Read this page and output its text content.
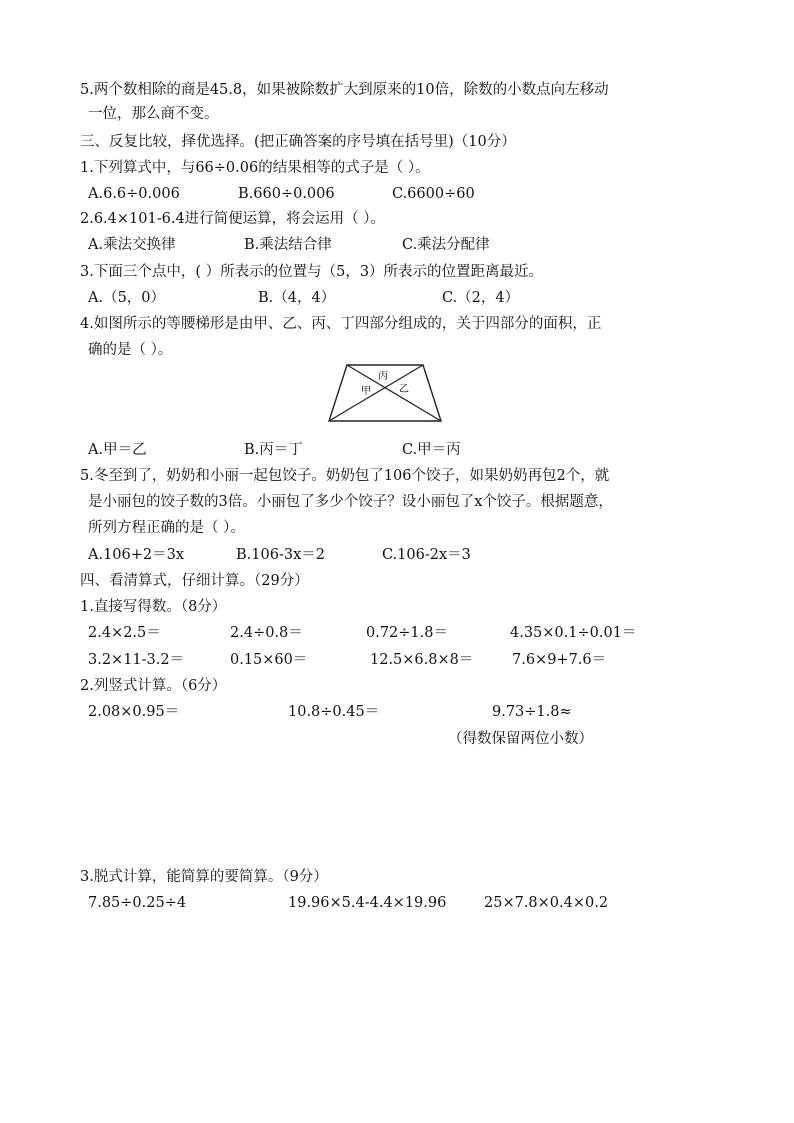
5.两个数相除的商是45.8，如果被除数扩大到原来的10倍，除数的小数点向左移动
一位，那么商不变。
三、反复比较，择优选择。(把正确答案的序号填在括号里)（10分）
1.下列算式中，与66÷0.06的结果相等的式子是（ ）。
A.6.6÷0.006	B.660÷0.006	C.6600÷60
2.6.4×101-6.4进行简便运算，将会运用（ ）。
A.乘法交换律	B.乘法结合律	C.乘法分配律
3.下面三个点中，( ）所表示的位置与（5，3）所表示的位置距离最近。
A.（5，0）	B.（4，4）	C.（2，4）
4.如图所示的等腰梯形是由甲、乙、丙、丁四部分组成的，关于四部分的面积，正
确的是（ ）。
丙
甲	乙
A.甲＝乙	B.丙＝丁	C.甲＝丙
5.冬至到了，奶奶和小丽一起包饺子。奶奶包了106个饺子，如果奶奶再包2个，就
是小丽包的饺子数的3倍。小丽包了多少个饺子？设小丽包了x个饺子。根据题意，
所列方程正确的是（ ）。
A.106+2＝3x	B.106-3x＝2	C.106-2x＝3
四、看清算式，仔细计算。（29分）
1.直接写得数。（8分）
2.4×2.5＝	2.4÷0.8＝	0.72÷1.8＝	4.35×0.1÷0.01＝
3.2×11-3.2＝	0.15×60＝	12.5×6.8×8＝	7.6×9+7.6＝
2.列竖式计算。（6分）
2.08×0.95＝	10.8÷0.45＝	9.73÷1.8≈
（得数保留两位小数）
3.脱式计算，能简算的要简算。（9分）
7.85÷0.25÷4	19.96×5.4-4.4×19.96	25×7.8×0.4×0.2
